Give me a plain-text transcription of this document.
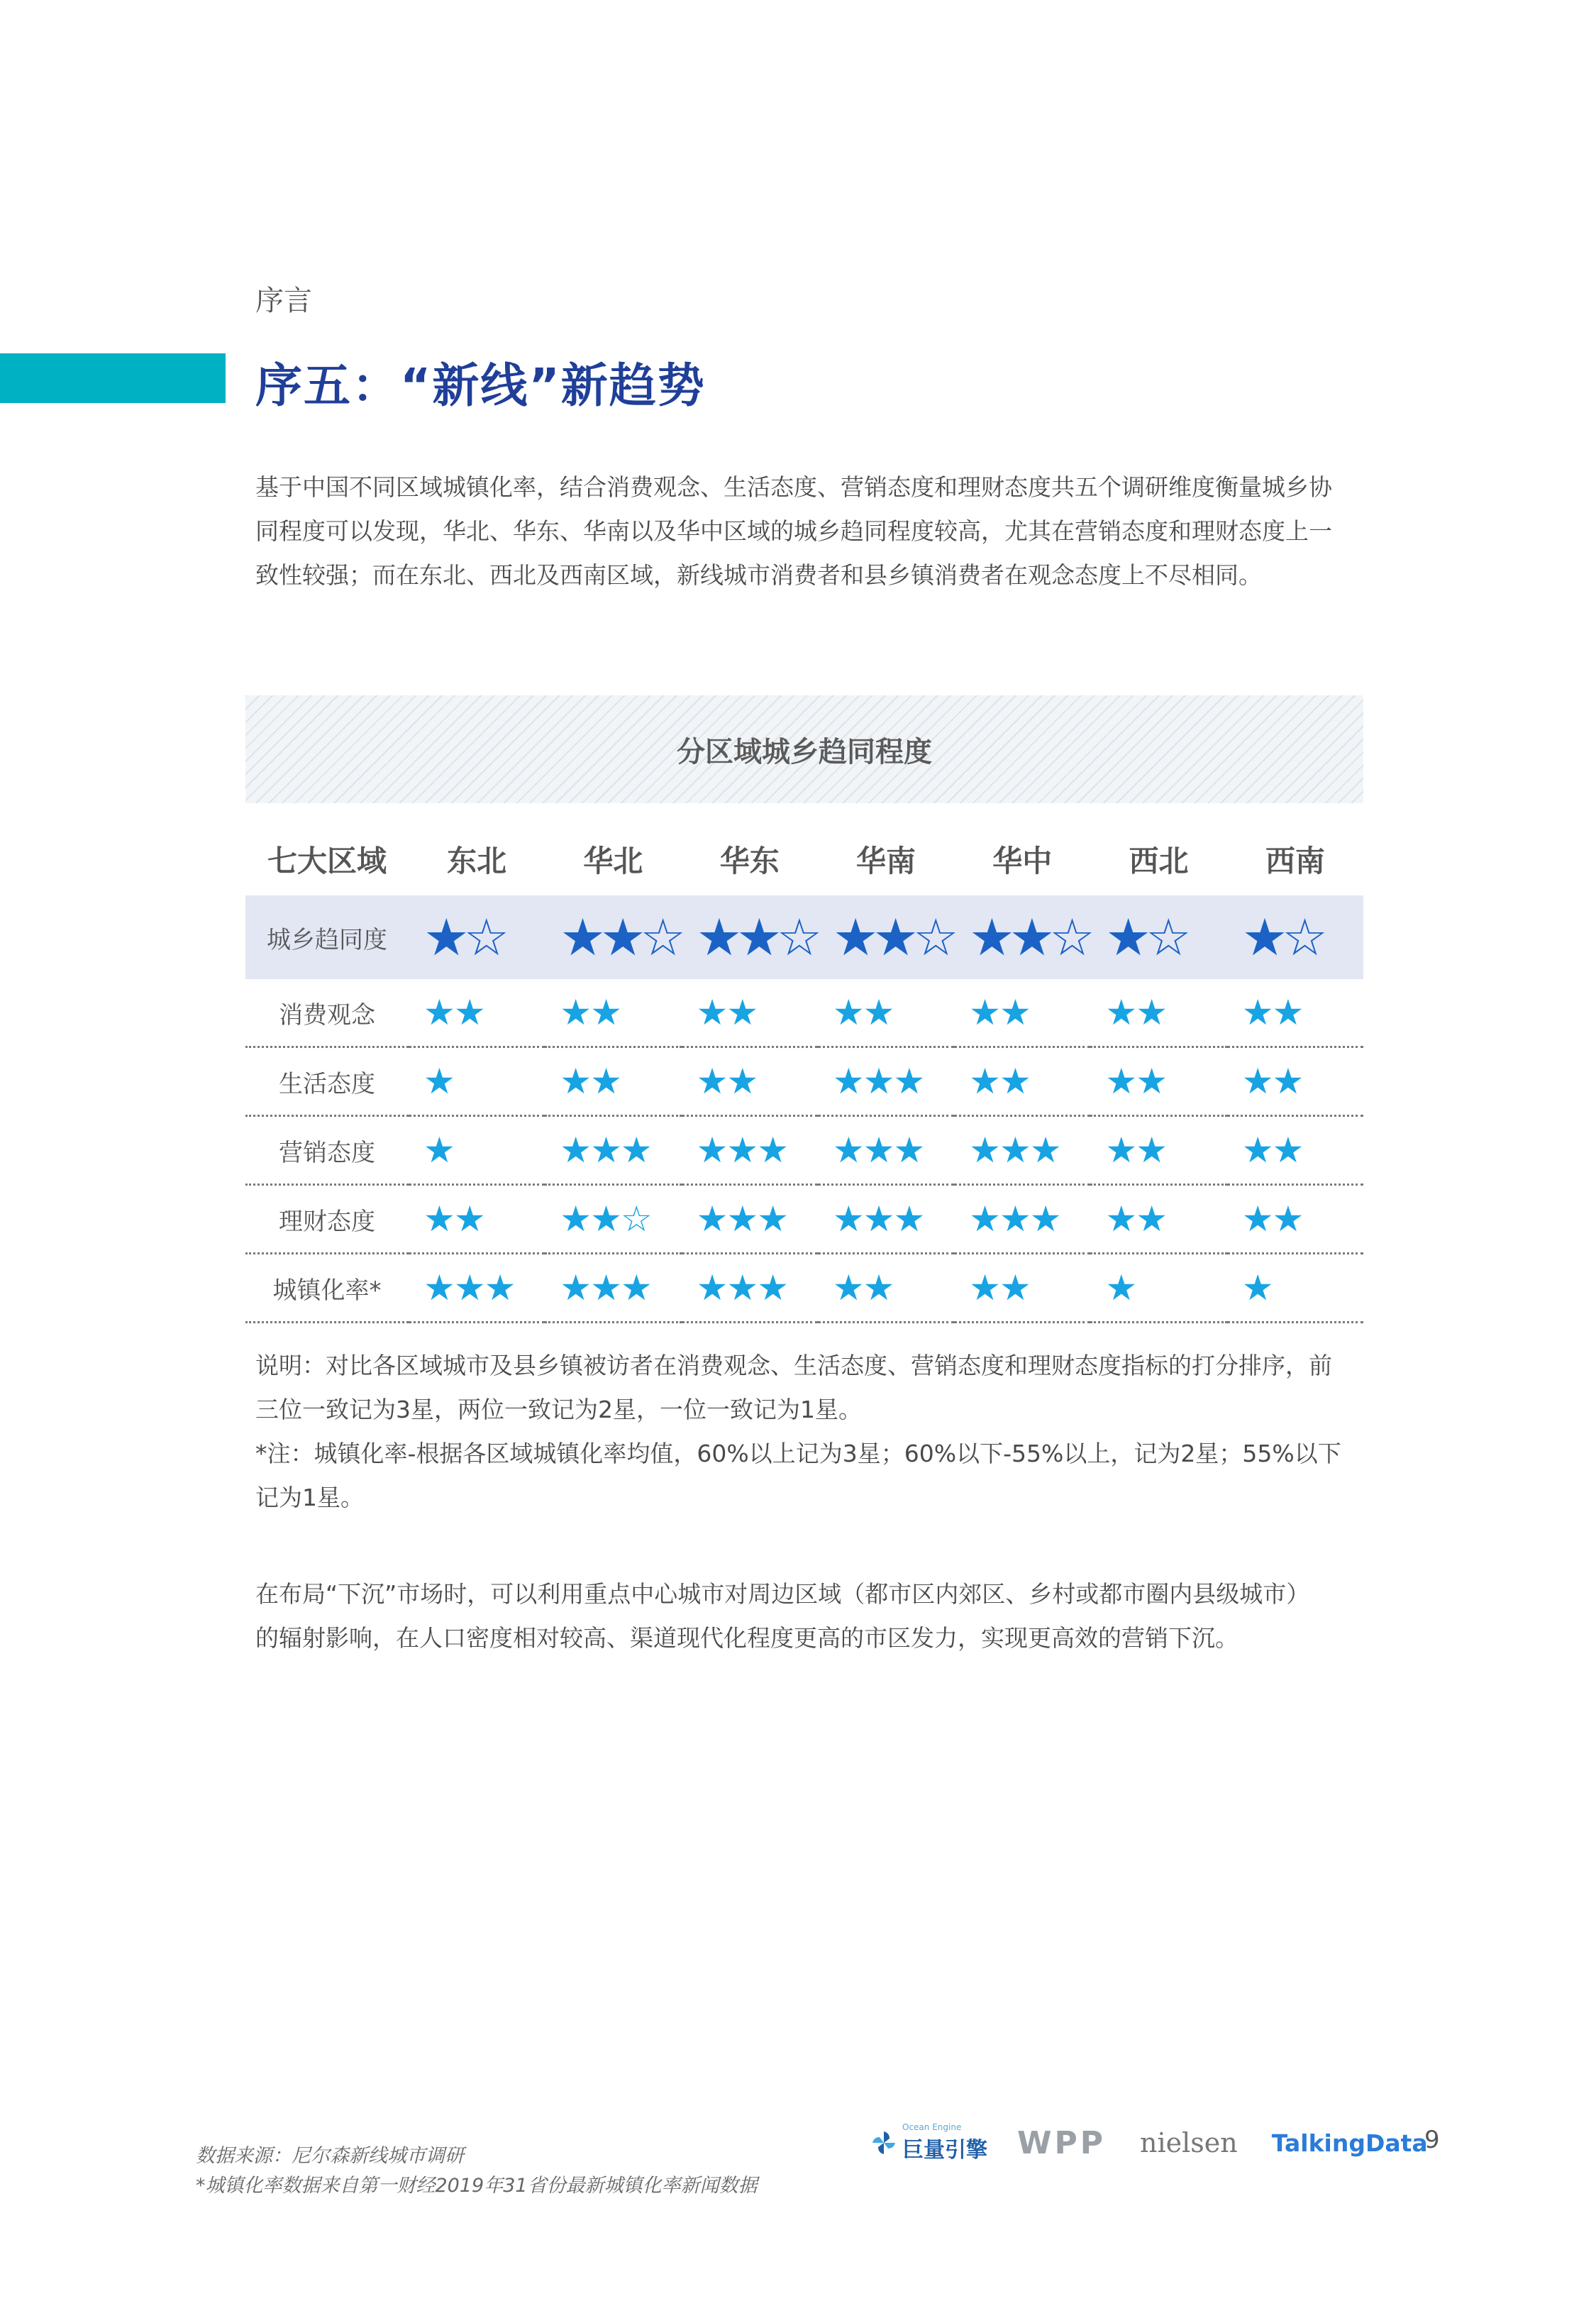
序言
序五：“新线”新趋势

基于中国不同区域城镇化率，结合消费观念、生活态度、营销态度和理财态度共五个调研维度衡量城乡协

同程度可以发现，华北、华东、华南以及华中区域的城乡趋同程度较高，尤其在营销态度和理财态度上一

致性较强；而在东北、西北及西南区域，新线城市消费者和县乡镇消费者在观念态度上不尽相同。

分区域城乡趋同程度
七大区域	东北	华北	华东	华南	华中	西北	西南
城乡趋同度	★☆	★★☆	★★☆	★★☆	★★☆	★☆	★☆
消费观念	★★	★★	★★	★★	★★	★★	★★
生活态度	★	★★	★★	★★★	★★	★★	★★
营销态度	★	★★★	★★★	★★★	★★★	★★	★★
理财态度	★★	★★☆	★★★	★★★	★★★	★★	★★
城镇化率*	★★★	★★★	★★★	★★	★★	★	★

说明：对比各区域城市及县乡镇被访者在消费观念、生活态度、营销态度和理财态度指标的打分排序，前

三位一致记为3星，两位一致记为2星，一位一致记为1星。

*注：城镇化率-根据各区域城镇化率均值，60%以上记为3星；60%以下-55%以上，记为2星；55%以下

记为1星。

在布局“下沉”市场时，可以利用重点中心城市对周边区域（都市区内郊区、乡村或都市圈内县级城市）

的辐射影响，在人口密度相对较高、渠道现代化程度更高的市区发力，实现更高效的营销下沉。

数据来源：尼尔森新线城市调研

*城镇化率数据来自第一财经2019年31省份最新城镇化率新闻数据

Ocean Engine
巨量引擎 WPP nielsen TalkingData
9
